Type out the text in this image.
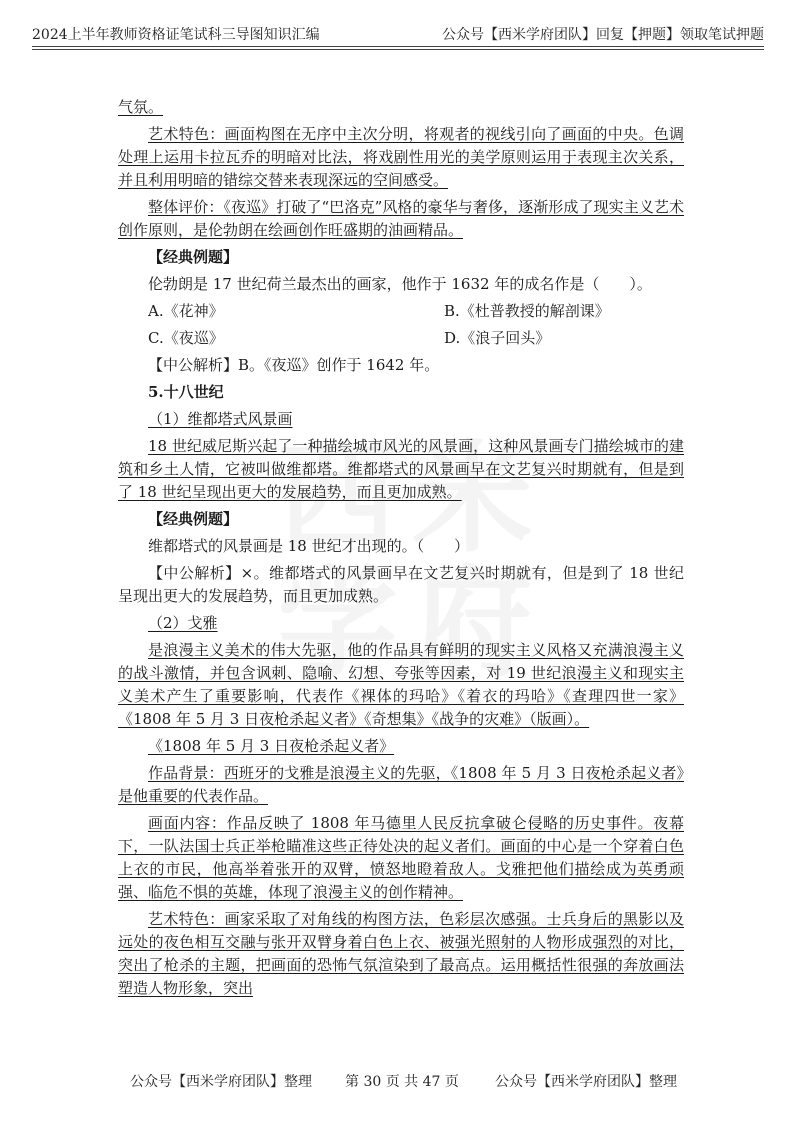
2024上半年教师资格证笔试科三导图知识汇编	公众号【西米学府团队】回复【押题】领取笔试押题

气氛。

艺术特色：画面构图在无序中主次分明，将观者的视线引向了画面的中央。色调处理上运用卡拉瓦乔的明暗对比法，将戏剧性用光的美学原则运用于表现主次关系，并且利用明暗的错综交替来表现深远的空间感受。

整体评价：《夜巡》打破了“巴洛克”风格的豪华与奢侈，逐渐形成了现实主义艺术创作原则，是伦勃朗在绘画创作旺盛期的油画精品。

【经典例题】

伦勃朗是 17 世纪荷兰最杰出的画家，他作于 1632 年的成名作是（　　）。

A.《花神》	B.《杜普教授的解剖课》
C.《夜巡》	D.《浪子回头》

【中公解析】B。《夜巡》创作于 1642 年。

5.十八世纪

（1）维都塔式风景画

18 世纪威尼斯兴起了一种描绘城市风光的风景画，这种风景画专门描绘城市的建筑和乡土人情，它被叫做维都塔。维都塔式的风景画早在文艺复兴时期就有，但是到了 18 世纪呈现出更大的发展趋势，而且更加成熟。

【经典例题】

维都塔式的风景画是 18 世纪才出现的。（　　）

【中公解析】×。维都塔式的风景画早在文艺复兴时期就有，但是到了 18 世纪呈现出更大的发展趋势，而且更加成熟。

（2）戈雅

是浪漫主义美术的伟大先驱，他的作品具有鲜明的现实主义风格又充满浪漫主义的战斗激情，并包含讽刺、隐喻、幻想、夸张等因素，对 19 世纪浪漫主义和现实主义美术产生了重要影响，代表作《裸体的玛哈》《着衣的玛哈》《查理四世一家》《1808 年 5 月 3 日夜枪杀起义者》《奇想集》《战争的灾难》（版画）。

《1808 年 5 月 3 日夜枪杀起义者》

作品背景：西班牙的戈雅是浪漫主义的先驱，《1808 年 5 月 3 日夜枪杀起义者》是他重要的代表作品。

画面内容：作品反映了 1808 年马德里人民反抗拿破仑侵略的历史事件。夜幕下，一队法国士兵正举枪瞄准这些正待处决的起义者们。画面的中心是一个穿着白色上衣的市民，他高举着张开的双臂，愤怒地瞪着敌人。戈雅把他们描绘成为英勇顽强、临危不惧的英雄，体现了浪漫主义的创作精神。

艺术特色：画家采取了对角线的构图方法，色彩层次感强。士兵身后的黑影以及远处的夜色相互交融与张开双臂身着白色上衣、被强光照射的人物形成强烈的对比，突出了枪杀的主题，把画面的恐怖气氛渲染到了最高点。运用概括性很强的奔放画法塑造人物形象，突出

公众号【西米学府团队】整理 第 30 页 共 47 页	公众号【西米学府团队】整理
